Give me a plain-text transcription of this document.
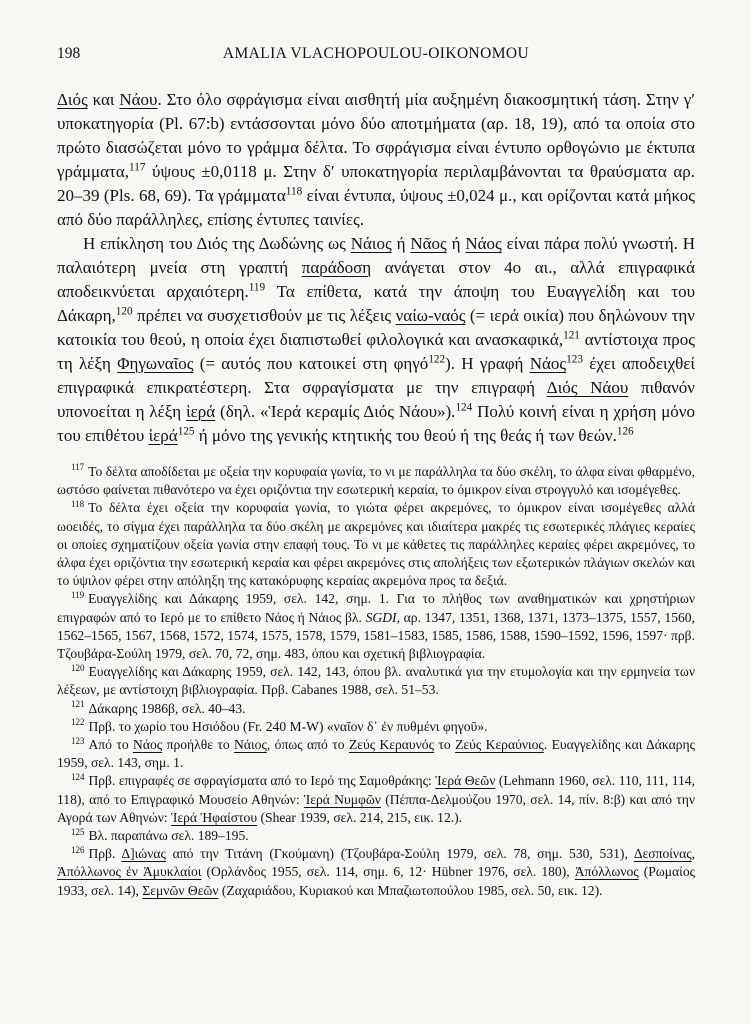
198	AMALIA VLACHOPOULOU-OIKONOMOU
Διός και Νάου. Στο όλο σφράγισμα είναι αισθητή μία αυξημένη διακοσμητική τάση. Στην γ′ υποκατηγορία (Pl. 67:b) εντάσσονται μόνο δύο αποτμήματα (αρ. 18, 19), από τα οποία στο πρώτο διασώζεται μόνο το γράμμα δέλτα. Το σφράγισμα είναι έντυπο ορθογώνιο με έκτυπα γράμματα,$^{117}$ ύψους ±0,0118 μ. Στην δ′ υποκατηγορία περιλαμβάνονται τα θραύσματα αρ. 20–39 (Pls. 68, 69). Τα γράμματα$^{118}$ είναι έντυπα, ύψους ±0,024 μ., και ορίζονται κατά μήκος από δύο παράλληλες, επίσης έντυπες ταινίες.
Η επίκληση του Διός της Δωδώνης ως Νάιος ή Νᾶος ή Νάος είναι πάρα πολύ γνωστή. Η παλαιότερη μνεία στη γραπτή παράδοση ανάγεται στον 4ο αι., αλλά επιγραφικά αποδεικνύεται αρχαιότερη.$^{119}$ Τα επίθετα, κατά την άποψη του Ευαγγελίδη και του Δάκαρη,$^{120}$ πρέπει να συσχετισθούν με τις λέξεις ναίω-ναός (= ιερά οικία) που δηλώνουν την κατοικία του θεού, η οποία έχει διαπιστωθεί φιλολογικά και ανασκαφικά,$^{121}$ αντίστοιχα προς τη λέξη Φηγωναῖος (= αυτός που κατοικεί στη φηγό$^{122}$). Η γραφή Νάος$^{123}$ έχει αποδειχθεί επιγραφικά επικρατέστερη. Στα σφραγίσματα με την επιγραφή Διός Νάου πιθανόν υπονοείται η λέξη ἱερά (δηλ. «Ἱερά κεραμίς Διός Νάου»).$^{124}$ Πολύ κοινή είναι η χρήση μόνο του επιθέτου ἱερά$^{125}$ ή μόνο της γενικής κτητικής του θεού ή της θεάς ή των θεών.$^{126}$
$^{117}$ Το δέλτα αποδίδεται με οξεία την κορυφαία γωνία, το νι με παράλληλα τα δύο σκέλη, το άλφα είναι φθαρμένο, ωστόσο φαίνεται πιθανότερο να έχει οριζόντια την εσωτερική κεραία, το όμικρον είναι στρογγυλό και ισομέγεθες.
$^{118}$ Το δέλτα έχει οξεία την κορυφαία γωνία, το γιώτα φέρει ακρεμόνες, το όμικρον είναι ισομέγεθες αλλά ωοειδές, το σίγμα έχει παράλληλα τα δύο σκέλη με ακρεμόνες και ιδιαίτερα μακρές τις εσωτερικές πλάγιες κεραίες οι οποίες σχηματίζουν οξεία γωνία στην επαφή τους. Το νι με κάθετες τις παράλληλες κεραίες φέρει ακρεμόνες, το άλφα έχει οριζόντια την εσωτερική κεραία και φέρει ακρεμόνες στις απολήξεις των εξωτερικών πλάγιων σκελών και το ύψιλον φέρει στην απόληξη της κατακόρυφης κεραίας ακρεμόνα προς τα δεξιά.
$^{119}$ Ευαγγελίδης και Δάκαρης 1959, σελ. 142, σημ. 1. Για το πλήθος των αναθηματικών και χρηστήριων επιγραφών από το Ιερό με το επίθετο Νάος ή Νάιος βλ. SGDI, αρ. 1347, 1351, 1368, 1371, 1373–1375, 1557, 1560, 1562–1565, 1567, 1568, 1572, 1574, 1575, 1578, 1579, 1581–1583, 1585, 1586, 1588, 1590–1592, 1596, 1597· πρβ. Τζουβάρα-Σούλη 1979, σελ. 70, 72, σημ. 483, όπου και σχετική βιβλιογραφία.
$^{120}$ Ευαγγελίδης και Δάκαρης 1959, σελ. 142, 143, όπου βλ. αναλυτικά για την ετυμολογία και την ερμηνεία των λέξεων, με αντίστοιχη βιβλιογραφία. Πρβ. Cabanes 1988, σελ. 51–53.
$^{121}$ Δάκαρης 1986β, σελ. 40–43.
$^{122}$ Πρβ. το χωρίο του Ησιόδου (Fr. 240 M-W) «ναῖον δ᾽ ἐν πυθμένι φηγοῦ».
$^{123}$ Από το Νάος προήλθε το Νάιος, όπως από το Ζεύς Κεραυνός το Ζεύς Κεραύνιος. Ευαγγελίδης και Δάκαρης 1959, σελ. 143, σημ. 1.
$^{124}$ Πρβ. επιγραφές σε σφραγίσματα από το Ιερό της Σαμοθράκης: Ἱερά Θεῶν (Lehmann 1960, σελ. 110, 111, 114, 118), από το Επιγραφικό Μουσείο Αθηνών: Ἱερά Νυμφῶν (Πέππα-Δελμούζου 1970, σελ. 14, πίν. 8:β) και από την Αγορά των Αθηνών: Ἱερά Ἡφαίστου (Shear 1939, σελ. 214, 215, εικ. 12.).
$^{125}$ Βλ. παραπάνω σελ. 189–195.
$^{126}$ Πρβ. Δ]ιώνας από την Τιτάνη (Γκούμανη) (Τζουβάρα-Σούλη 1979, σελ. 78, σημ. 530, 531), Δεσποίνας, Ἀπόλλωνος ἐν Ἀμυκλαίοι (Ορλάνδος 1955, σελ. 114, σημ. 6, 12· Hübner 1976, σελ. 180), Ἀπόλλωνος (Ρωμαίος 1933, σελ. 14), Σεμνῶν Θεῶν (Ζαχαριάδου, Κυριακού και Μπαζιωτοπούλου 1985, σελ. 50, εικ. 12).
